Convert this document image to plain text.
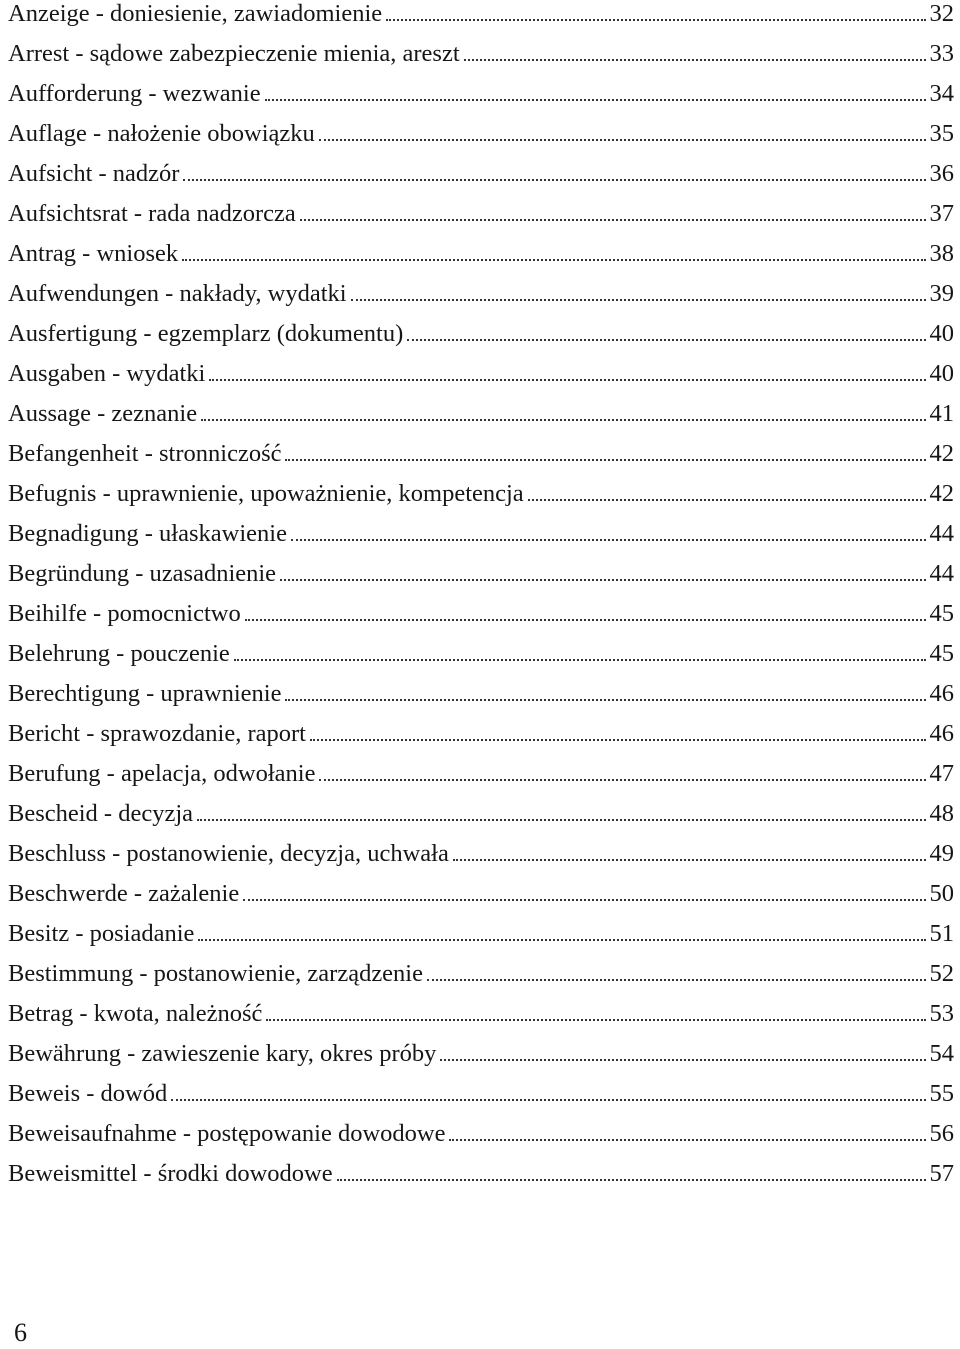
Anzeige - doniesienie, zawiadomienie	32
Arrest - sądowe zabezpieczenie mienia, areszt	33
Aufforderung - wezwanie	34
Auflage - nałożenie obowiązku	35
Aufsicht - nadzór	36
Aufsichtsrat - rada nadzorcza	37
Antrag - wniosek	38
Aufwendungen - nakłady, wydatki	39
Ausfertigung - egzemplarz (dokumentu)	40
Ausgaben - wydatki	40
Aussage - zeznanie	41
Befangenheit - stronniczość	42
Befugnis - uprawnienie, upoważnienie, kompetencja	42
Begnadigung - ułaskawienie	44
Begründung - uzasadnienie	44
Beihilfe - pomocnictwo	45
Belehrung - pouczenie	45
Berechtigung - uprawnienie	46
Bericht - sprawozdanie, raport	46
Berufung - apelacja, odwołanie	47
Bescheid - decyzja	48
Beschluss - postanowienie, decyzja, uchwała	49
Beschwerde - zażalenie	50
Besitz - posiadanie	51
Bestimmung - postanowienie, zarządzenie	52
Betrag - kwota, należność	53
Bewährung - zawieszenie kary, okres próby	54
Beweis - dowód	55
Beweisaufnahme - postępowanie dowodowe	56
Beweismittel - środki dowodowe	57
6
